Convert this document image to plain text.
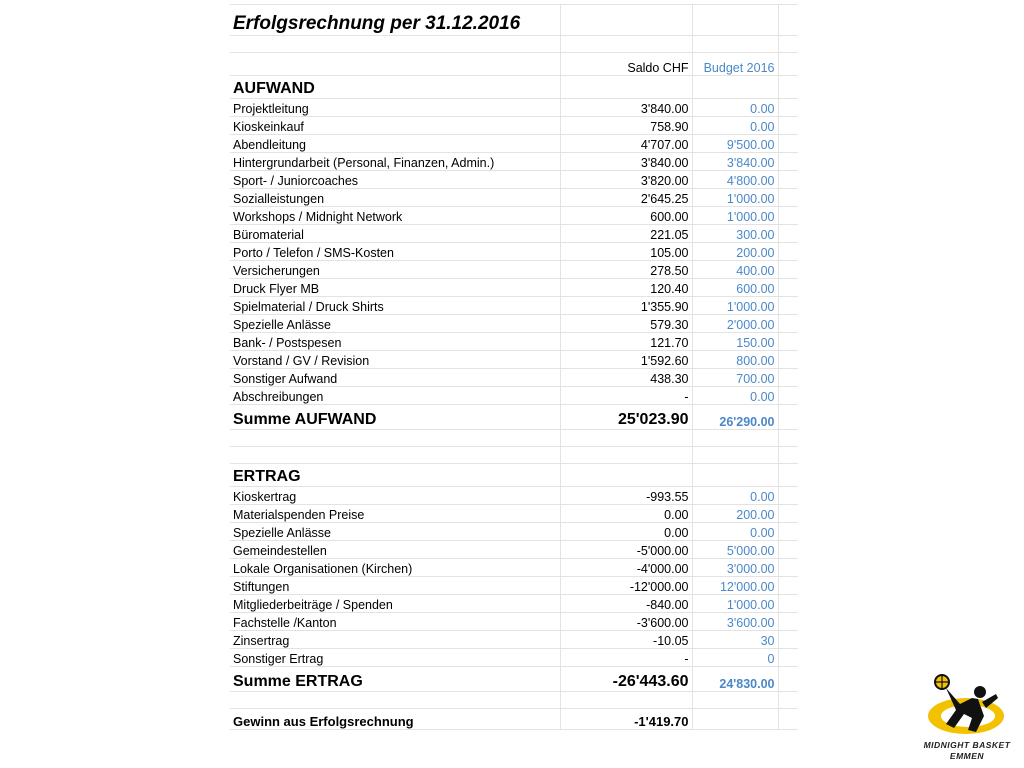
Erfolgsrechnung per 31.12.2016			

	Saldo CHF	Budget 2016	
AUFWAND			
Projektleitung	3'840.00	0.00	
Kioskeinkauf	758.90	0.00	
Abendleitung	4'707.00	9'500.00	
Hintergrundarbeit (Personal, Finanzen, Admin.)	3'840.00	3'840.00	
Sport- / Juniorcoaches	3'820.00	4'800.00	
Sozialleistungen	2'645.25	1'000.00	
Workshops / Midnight Network	600.00	1'000.00	
Büromaterial	221.05	300.00	
Porto / Telefon / SMS-Kosten	105.00	200.00	
Versicherungen	278.50	400.00	
Druck Flyer MB	120.40	600.00	
Spielmaterial / Druck Shirts	1'355.90	1'000.00	
Spezielle Anlässe	579.30	2'000.00	
Bank- / Postspesen	121.70	150.00	
Vorstand / GV / Revision	1'592.60	800.00	
Sonstiger Aufwand	438.30	700.00	
Abschreibungen	-	0.00	
Summe AUFWAND	25'023.90	26'290.00	

ERTRAG			
Kioskertrag	-993.55	0.00	
Materialspenden Preise	0.00	200.00	
Spezielle Anlässe	0.00	0.00	
Gemeindestellen	-5'000.00	5'000.00	
Lokale Organisationen (Kirchen)	-4'000.00	3'000.00	
Stiftungen	-12'000.00	12'000.00	
Mitgliederbeiträge / Spenden	-840.00	1'000.00	
Fachstelle /Kanton	-3'600.00	3'600.00	
Zinsertrag	-10.05	30	
Sonstiger Ertrag	-	0	
Summe ERTRAG	-26'443.60	24'830.00	

Gewinn aus Erfolgsrechnung	-1'419.70		
MIDNIGHT BASKET
EMMEN
